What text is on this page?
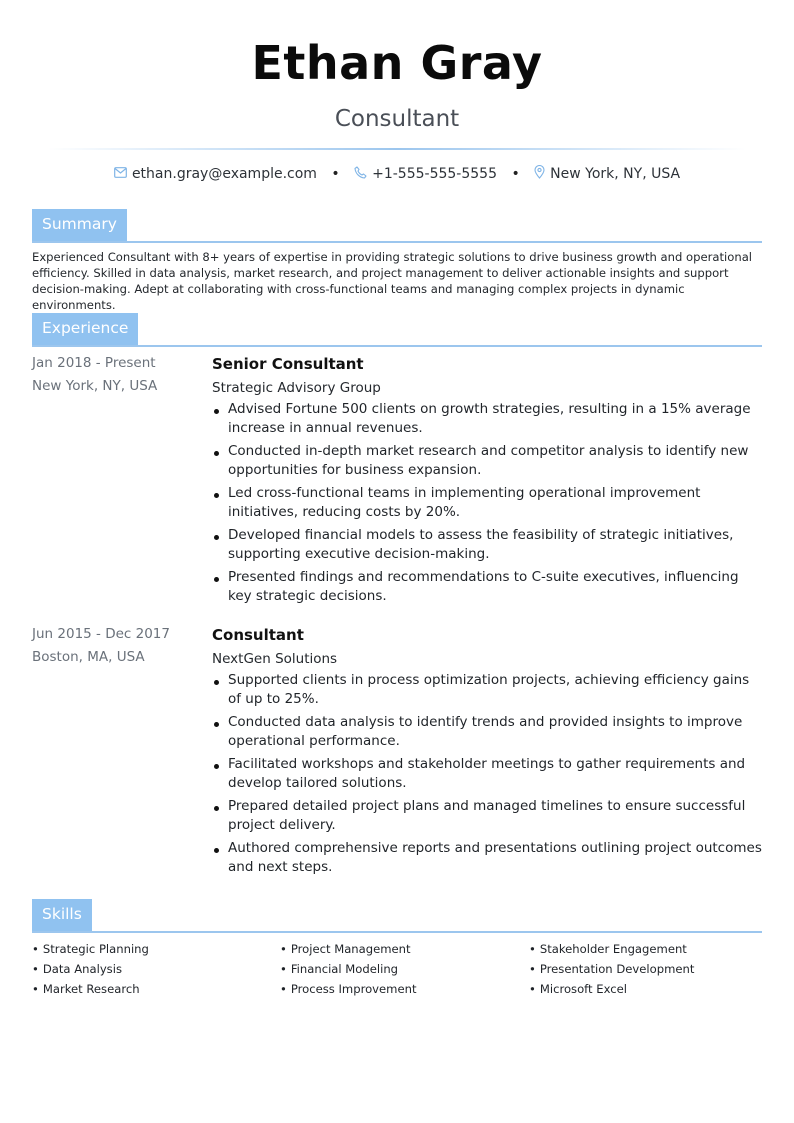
Ethan Gray
Consultant
ethan.gray@example.com • +1-555-555-5555 • New York, NY, USA
Summary
Experienced Consultant with 8+ years of expertise in providing strategic solutions to drive business growth and operational efficiency. Skilled in data analysis, market research, and project management to deliver actionable insights and support decision-making. Adept at collaborating with cross-functional teams and managing complex projects in dynamic environments.
Experience
Jan 2018 - Present
New York, NY, USA
Senior Consultant
Strategic Advisory Group
Advised Fortune 500 clients on growth strategies, resulting in a 15% average increase in annual revenues.
Conducted in-depth market research and competitor analysis to identify new opportunities for business expansion.
Led cross-functional teams in implementing operational improvement initiatives, reducing costs by 20%.
Developed financial models to assess the feasibility of strategic initiatives, supporting executive decision-making.
Presented findings and recommendations to C-suite executives, influencing key strategic decisions.
Jun 2015 - Dec 2017
Boston, MA, USA
Consultant
NextGen Solutions
Supported clients in process optimization projects, achieving efficiency gains of up to 25%.
Conducted data analysis to identify trends and provided insights to improve operational performance.
Facilitated workshops and stakeholder meetings to gather requirements and develop tailored solutions.
Prepared detailed project plans and managed timelines to ensure successful project delivery.
Authored comprehensive reports and presentations outlining project outcomes and next steps.
Skills
• Strategic Planning
• Data Analysis
• Market Research
• Project Management
• Financial Modeling
• Process Improvement
• Stakeholder Engagement
• Presentation Development
• Microsoft Excel
